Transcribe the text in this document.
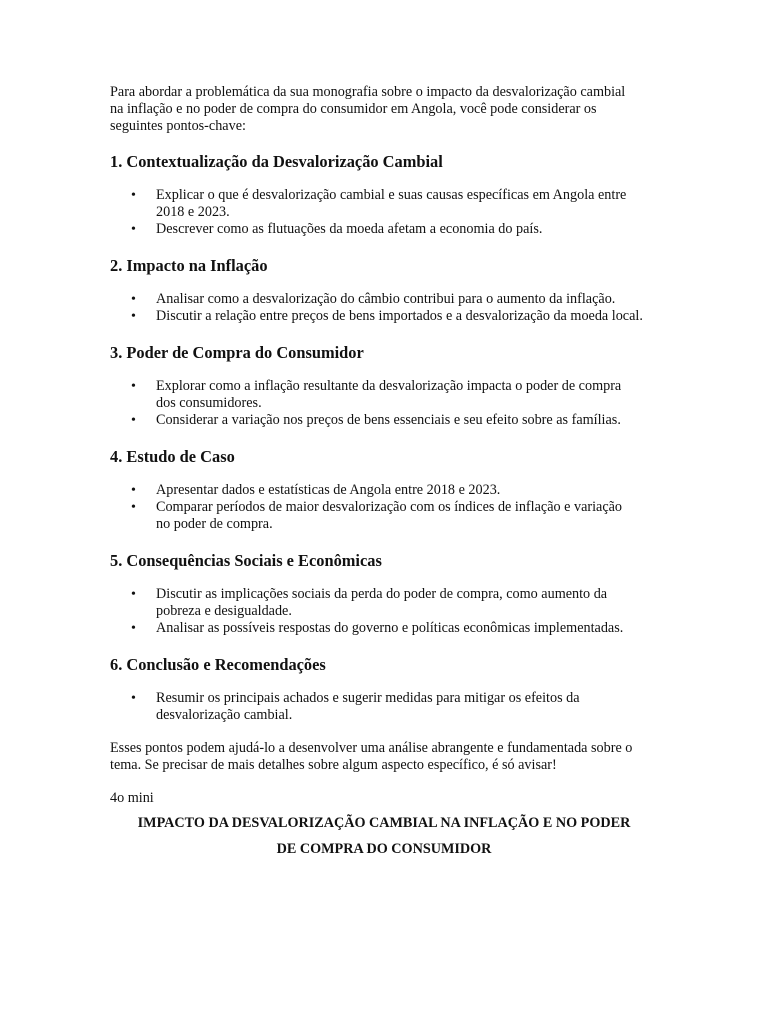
Para abordar a problemática da sua monografia sobre o impacto da desvalorização cambial na inflação e no poder de compra do consumidor em Angola, você pode considerar os seguintes pontos-chave:

1. Contextualização da Desvalorização Cambial
• Explicar o que é desvalorização cambial e suas causas específicas em Angola entre 2018 e 2023.
• Descrever como as flutuações da moeda afetam a economia do país.
2. Impacto na Inflação
• Analisar como a desvalorização do câmbio contribui para o aumento da inflação.
• Discutir a relação entre preços de bens importados e a desvalorização da moeda local.
3. Poder de Compra do Consumidor
• Explorar como a inflação resultante da desvalorização impacta o poder de compra dos consumidores.
• Considerar a variação nos preços de bens essenciais e seu efeito sobre as famílias.
4. Estudo de Caso
• Apresentar dados e estatísticas de Angola entre 2018 e 2023.
• Comparar períodos de maior desvalorização com os índices de inflação e variação no poder de compra.
5. Consequências Sociais e Econômicas
• Discutir as implicações sociais da perda do poder de compra, como aumento da pobreza e desigualdade.
• Analisar as possíveis respostas do governo e políticas econômicas implementadas.
6. Conclusão e Recomendações
• Resumir os principais achados e sugerir medidas para mitigar os efeitos da desvalorização cambial.

Esses pontos podem ajudá-lo a desenvolver uma análise abrangente e fundamentada sobre o tema. Se precisar de mais detalhes sobre algum aspecto específico, é só avisar!

4o mini

IMPACTO DA DESVALORIZAÇÃO CAMBIAL NA INFLAÇÃO E NO PODER

DE COMPRA DO CONSUMIDOR
